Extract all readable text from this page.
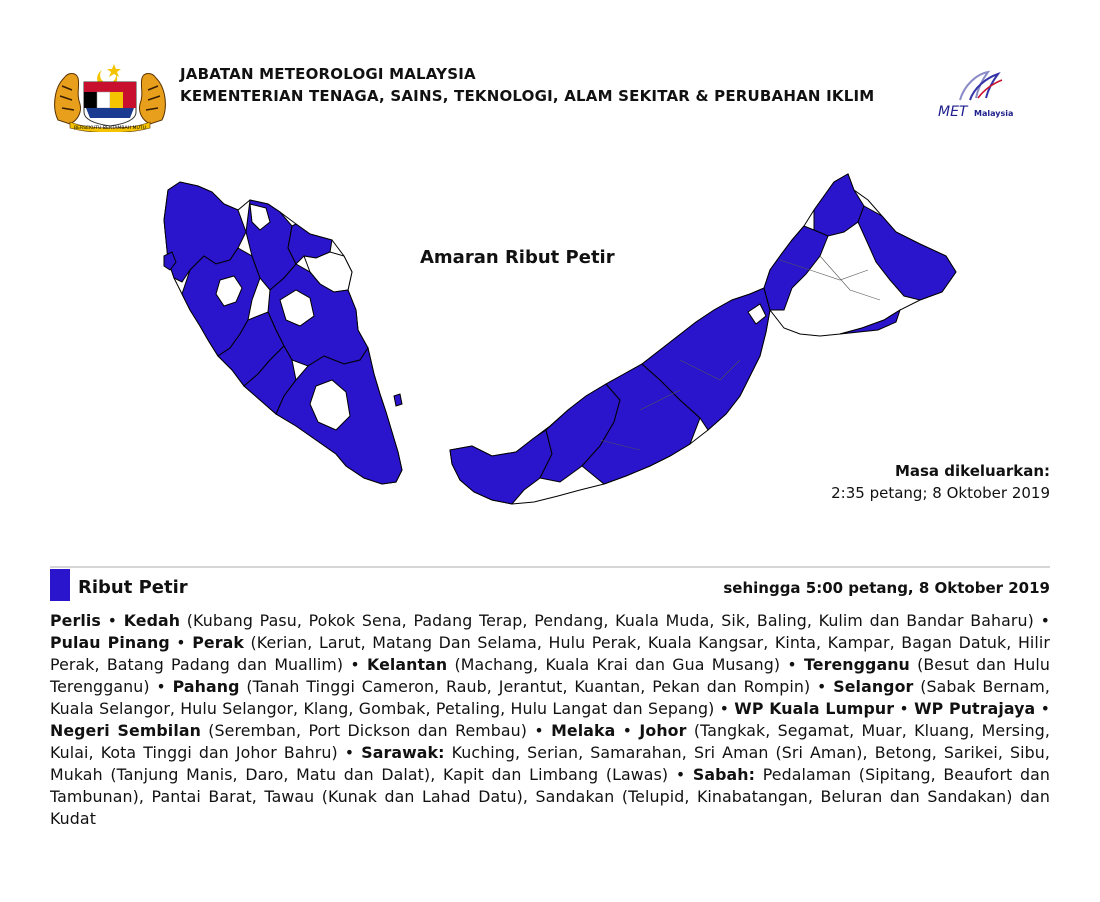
BERSEKUTU BERTAMBAH MUTU
JABATAN METEOROLOGI MALAYSIA
KEMENTERIAN TENAGA, SAINS, TEKNOLOGI, ALAM SEKITAR & PERUBAHAN IKLIM
MET Malaysia
Amaran Ribut Petir
Masa dikeluarkan:
2:35 petang; 8 Oktober 2019
Ribut Petir	sehingga 5:00 petang, 8 Oktober 2019
Perlis • Kedah (Kubang Pasu, Pokok Sena, Padang Terap, Pendang, Kuala Muda, Sik, Baling, Kulim dan Bandar Baharu) • Pulau Pinang • Perak (Kerian, Larut, Matang Dan Selama, Hulu Perak, Kuala Kangsar, Kinta, Kampar, Bagan Datuk, Hilir Perak, Batang Padang dan Muallim) • Kelantan (Machang, Kuala Krai dan Gua Musang) • Terengganu (Besut dan Hulu Terengganu) • Pahang (Tanah Tinggi Cameron, Raub, Jerantut, Kuantan, Pekan dan Rompin) • Selangor (Sabak Bernam, Kuala Selangor, Hulu Selangor, Klang, Gombak, Petaling, Hulu Langat dan Sepang) • WP Kuala Lumpur • WP Putrajaya • Negeri Sembilan (Seremban, Port Dickson dan Rembau) • Melaka • Johor (Tangkak, Segamat, Muar, Kluang, Mersing, Kulai, Kota Tinggi dan Johor Bahru) • Sarawak: Kuching, Serian, Samarahan, Sri Aman (Sri Aman), Betong, Sarikei, Sibu, Mukah (Tanjung Manis, Daro, Matu dan Dalat), Kapit dan Limbang (Lawas) • Sabah: Pedalaman (Sipitang, Beaufort dan Tambunan), Pantai Barat, Tawau (Kunak dan Lahad Datu), Sandakan (Telupid, Kinabatangan, Beluran dan Sandakan) dan Kudat
